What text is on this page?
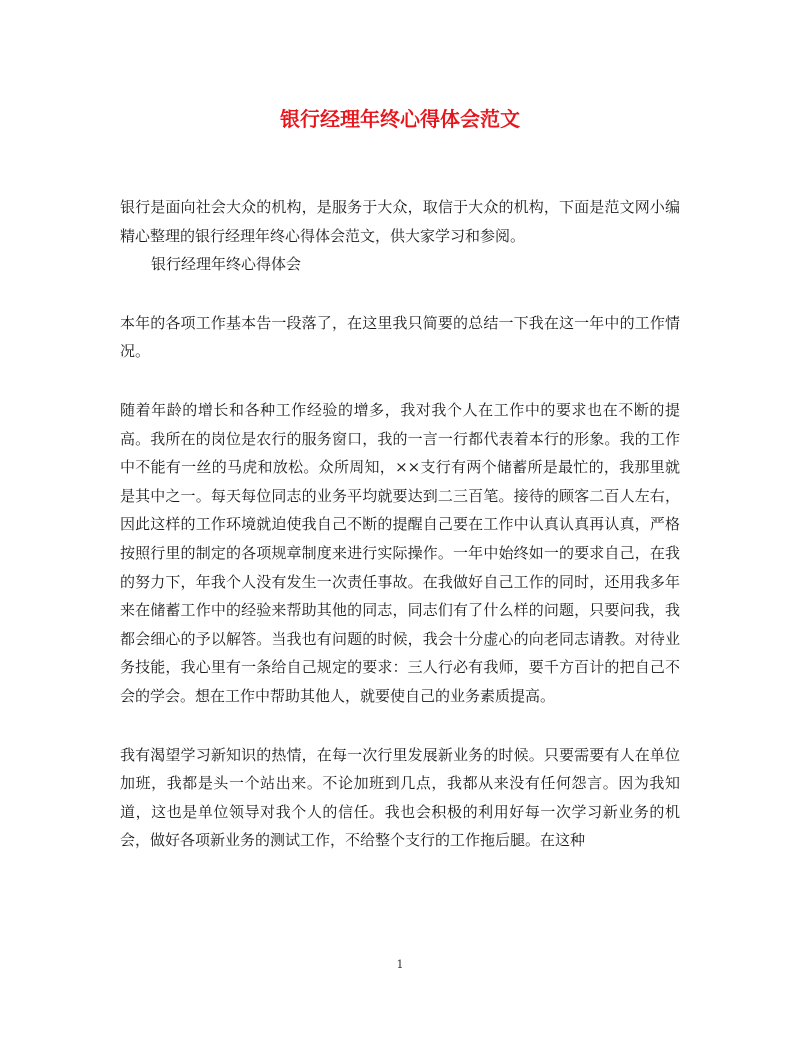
银行经理年终心得体会范文

银行是面向社会大众的机构，是服务于大众，取信于大众的机构，下面是范文网小编精心整理的银行经理年终心得体会范文，供大家学习和参阅。

银行经理年终心得体会

本年的各项工作基本告一段落了，在这里我只简要的总结一下我在这一年中的工作情况。

随着年龄的增长和各种工作经验的增多，我对我个人在工作中的要求也在不断的提高。我所在的岗位是农行的服务窗口，我的一言一行都代表着本行的形象。我的工作中不能有一丝的马虎和放松。众所周知，××支行有两个储蓄所是最忙的，我那里就是其中之一。每天每位同志的业务平均就要达到二三百笔。接待的顾客二百人左右，因此这样的工作环境就迫使我自己不断的提醒自己要在工作中认真认真再认真，严格按照行里的制定的各项规章制度来进行实际操作。一年中始终如一的要求自己，在我的努力下，年我个人没有发生一次责任事故。在我做好自己工作的同时，还用我多年来在储蓄工作中的经验来帮助其他的同志，同志们有了什么样的问题，只要问我，我都会细心的予以解答。当我也有问题的时候，我会十分虚心的向老同志请教。对待业务技能，我心里有一条给自己规定的要求：三人行必有我师，要千方百计的把自己不会的学会。想在工作中帮助其他人，就要使自己的业务素质提高。

我有渴望学习新知识的热情，在每一次行里发展新业务的时候。只要需要有人在单位加班，我都是头一个站出来。不论加班到几点，我都从来没有任何怨言。因为我知道，这也是单位领导对我个人的信任。我也会积极的利用好每一次学习新业务的机会，做好各项新业务的测试工作，不给整个支行的工作拖后腿。在这种

1
